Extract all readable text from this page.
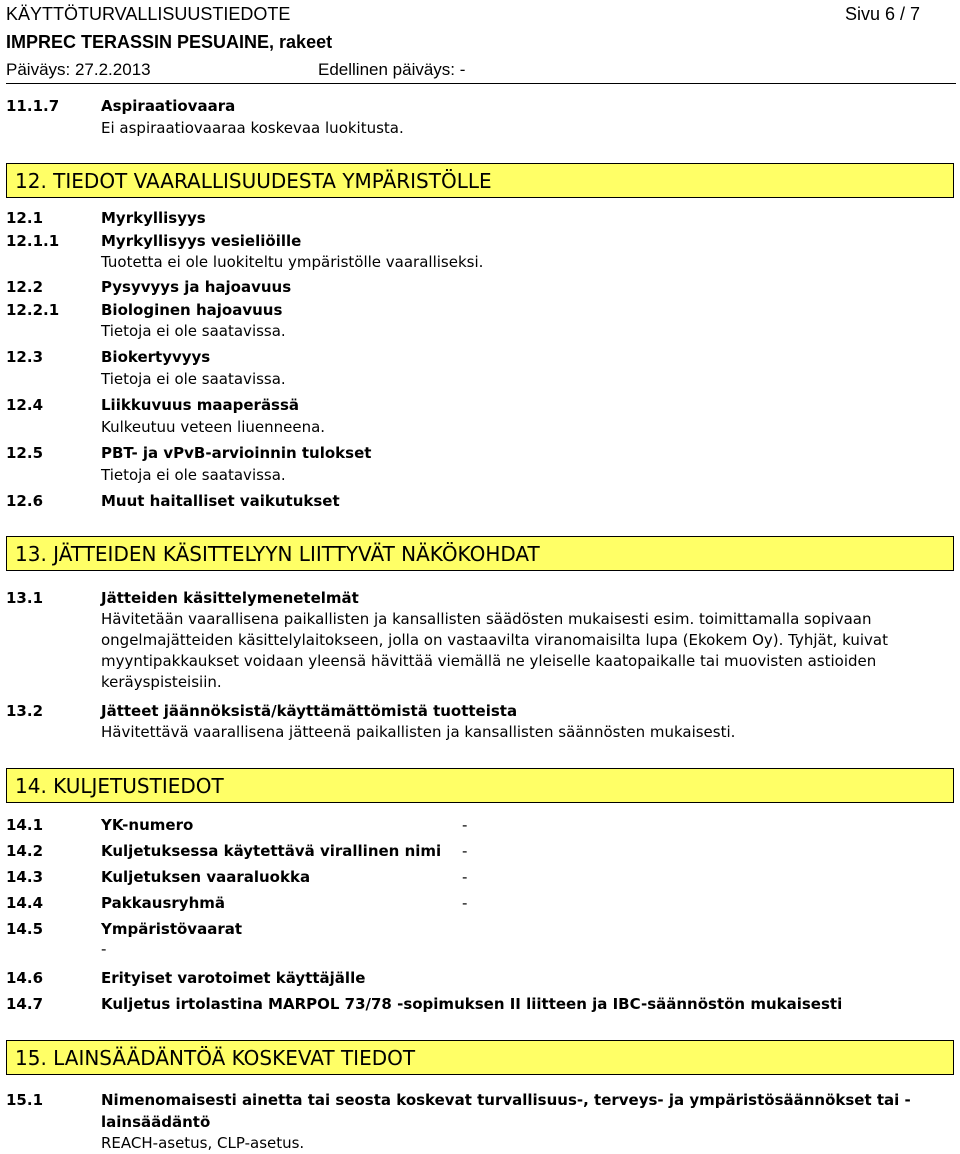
KÄYTTÖTURVALLISUUSTIEDOTE	Sivu 6 / 7
IMPREC TERASSIN PESUAINE, rakeet
Päiväys: 27.2.2013	Edellinen päiväys: -
11.1.7	Aspiraatiovaara
Ei aspiraatiovaaraa koskevaa luokitusta.
12. TIEDOT VAARALLISUUDESTA YMPÄRISTÖLLE
12.1	Myrkyllisyys
12.1.1	Myrkyllisyys vesieliöille
Tuotetta ei ole luokiteltu ympäristölle vaaralliseksi.
12.2	Pysyvyys ja hajoavuus
12.2.1	Biologinen hajoavuus
Tietoja ei ole saatavissa.
12.3	Biokertyvyys
Tietoja ei ole saatavissa.
12.4	Liikkuvuus maaperässä
Kulkeutuu veteen liuenneena.
12.5	PBT- ja vPvB-arvioinnin tulokset
Tietoja ei ole saatavissa.
12.6	Muut haitalliset vaikutukset
13. JÄTTEIDEN KÄSITTELYYN LIITTYVÄT NÄKÖKOHDAT
13.1	Jätteiden käsittelymenetelmät
Hävitetään vaarallisena paikallisten ja kansallisten säädösten mukaisesti esim. toimittamalla sopivaan ongelmajätteiden käsittelylaitokseen, jolla on vastaavilta viranomaisilta lupa (Ekokem Oy). Tyhjät, kuivat myyntipakkaukset voidaan yleensä hävittää viemällä ne yleiselle kaatopaikalle tai muovisten astioiden keräyspisteisiin.
13.2	Jätteet jäännöksistä/käyttämättömistä tuotteista
Hävitettävä vaarallisena jätteenä paikallisten ja kansallisten säännösten mukaisesti.
14. KULJETUSTIEDOT
14.1	YK-numero	-
14.2	Kuljetuksessa käytettävä virallinen nimi -
14.3	Kuljetuksen vaaraluokka	-
14.4	Pakkausryhmä	-
14.5	Ympäristövaarat
-
14.6	Erityiset varotoimet käyttäjälle
14.7	Kuljetus irtolastina MARPOL 73/78 -sopimuksen II liitteen ja IBC-säännöstön mukaisesti
15. LAINSÄÄDÄNTÖÄ KOSKEVAT TIEDOT
15.1	Nimenomaisesti ainetta tai seosta koskevat turvallisuus-, terveys- ja ympäristösäännökset tai -
lainsäädäntö
REACH-asetus, CLP-asetus.
